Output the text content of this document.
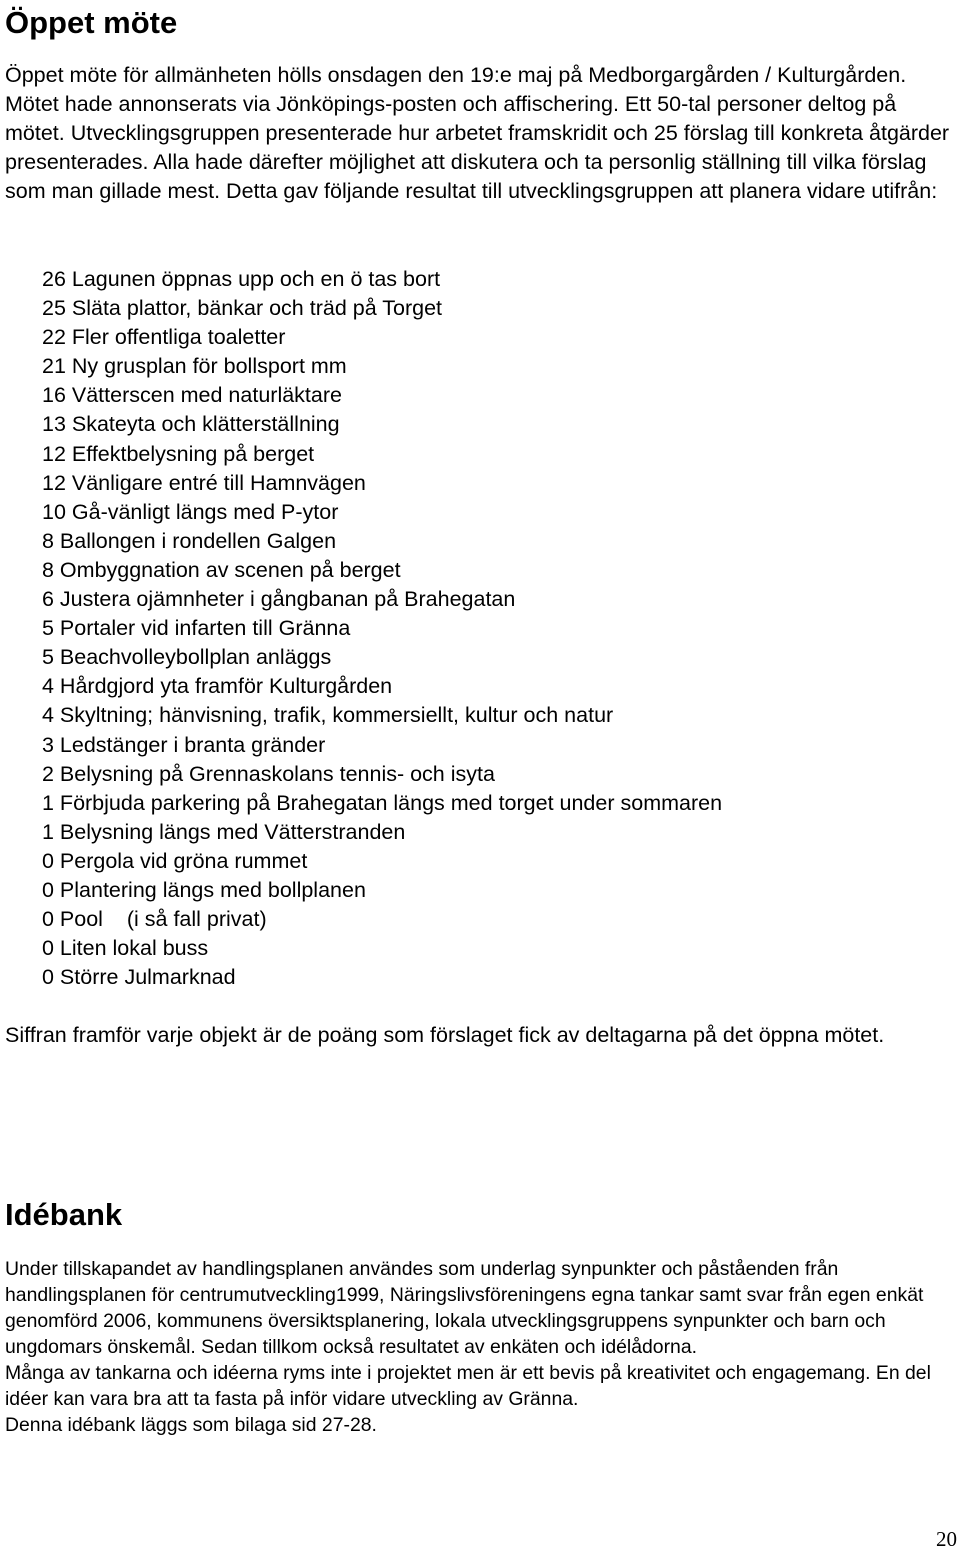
Öppet möte

Öppet möte för allmänheten hölls onsdagen den 19:e maj på Medborgargården / Kulturgården. Mötet hade annonserats via Jönköpings-posten och affischering. Ett 50-tal personer deltog på mötet. Utvecklingsgruppen presenterade hur arbetet framskridit och 25 förslag till konkreta åtgärder presenterades. Alla hade därefter möjlighet att diskutera och ta personlig ställning till vilka förslag som man gillade mest. Detta gav följande resultat till utvecklingsgruppen att planera vidare utifrån:

26 Lagunen öppnas upp och en ö tas bort
25 Släta plattor, bänkar och träd på Torget
22 Fler offentliga toaletter
21 Ny grusplan för bollsport mm
16 Vätterscen med naturläktare
13 Skateyta och klätterställning
12 Effektbelysning på berget
12 Vänligare entré till Hamnvägen
10 Gå-vänligt längs med P-ytor
8 Ballongen i rondellen Galgen
8 Ombyggnation av scenen på berget
6 Justera ojämnheter i gångbanan på Brahegatan
5 Portaler vid infarten till Gränna
5 Beachvolleybollplan anläggs
4 Hårdgjord yta framför Kulturgården
4 Skyltning; hänvisning, trafik, kommersiellt, kultur och natur
3 Ledstänger i branta gränder
2 Belysning på Grennaskolans tennis- och isyta
1 Förbjuda parkering på Brahegatan längs med torget under sommaren
1 Belysning längs med Vätterstranden
0 Pergola vid gröna rummet
0 Plantering längs med bollplanen
0 Pool    (i så fall privat)
0 Liten lokal buss
0 Större Julmarknad

Siffran framför varje objekt är de poäng som förslaget fick av deltagarna på det öppna mötet.

Idébank
Under tillskapandet av handlingsplanen användes som underlag synpunkter och påståenden från handlingsplanen för centrumutveckling1999, Näringslivsföreningens egna tankar samt svar från egen enkät genomförd 2006, kommunens översiktsplanering, lokala utvecklingsgruppens synpunkter och barn och ungdomars önskemål. Sedan tillkom också resultatet av enkäten och idélådorna.
Många av tankarna och idéerna ryms inte i projektet men är ett bevis på kreativitet och engagemang. En del idéer kan vara bra att ta fasta på inför vidare utveckling av Gränna.
Denna idébank läggs som bilaga sid 27-28.
20
